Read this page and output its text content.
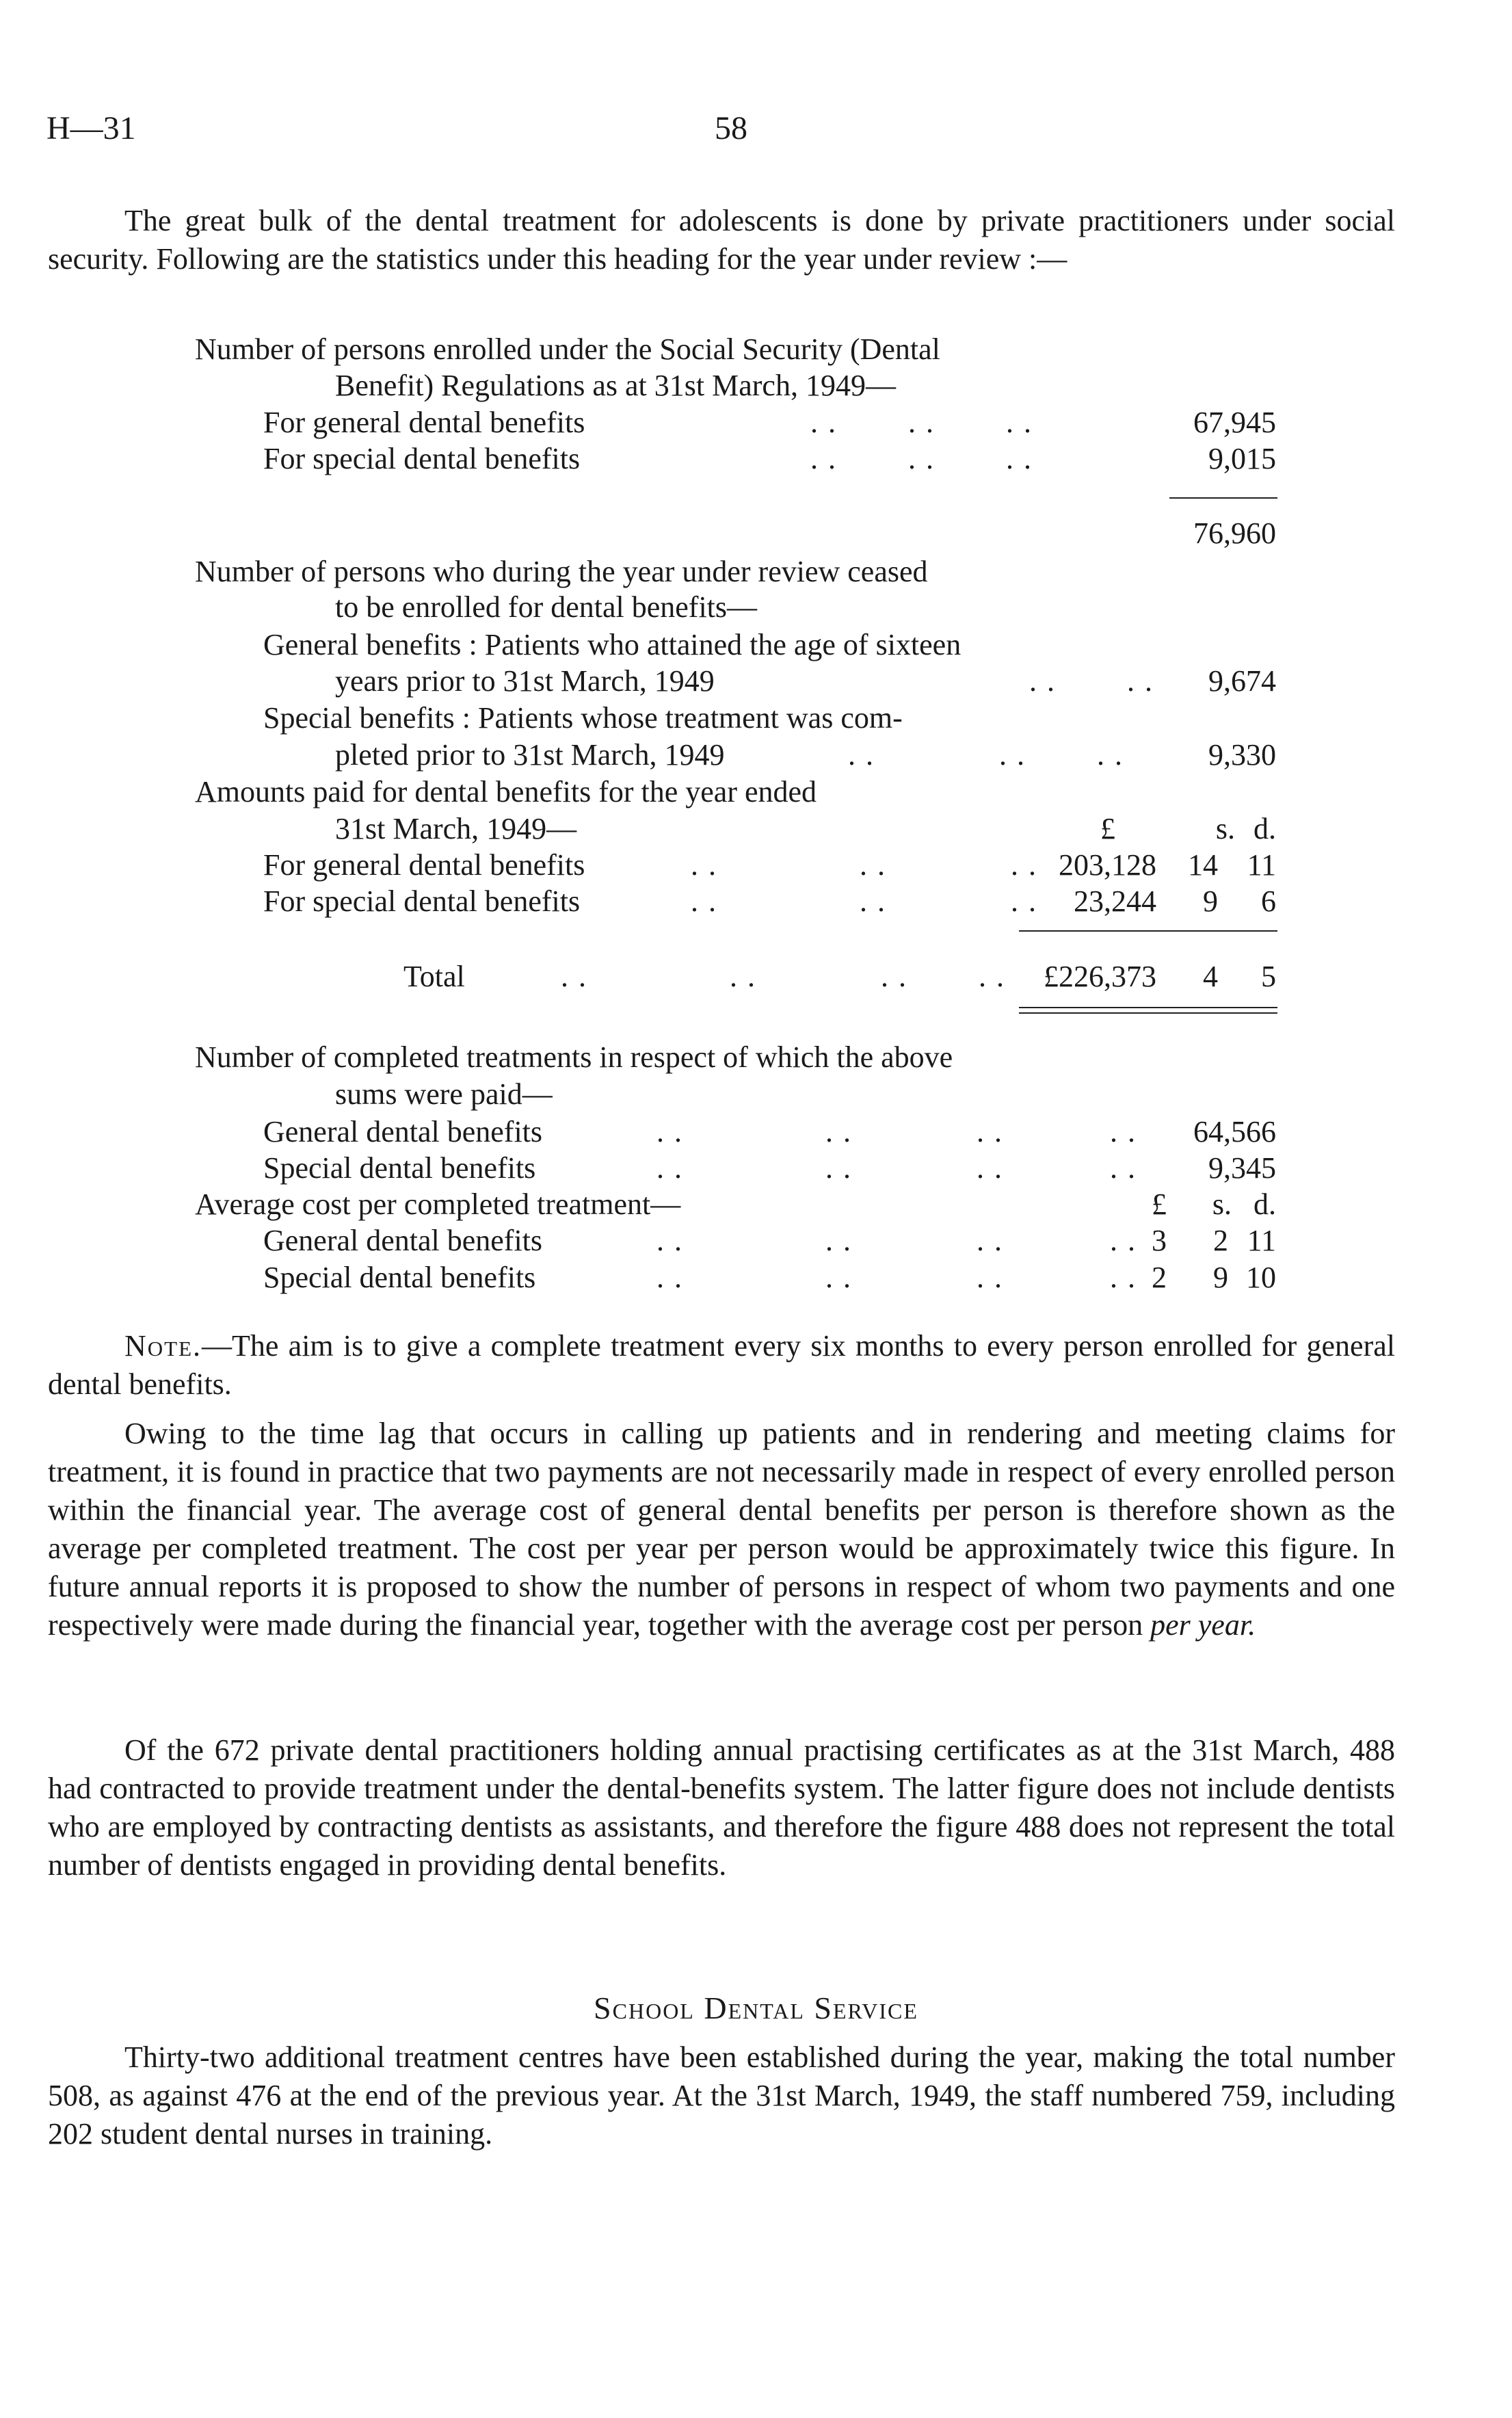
H—31	58

The great bulk of the dental treatment for adolescents is done by private practitioners under social security. Following are the statistics under this heading for the year under review :—

Number of persons enrolled under the Social Security (Dental
Benefit) Regulations as at 31st March, 1949—
For general dental benefits	. .        . .        . .	67,945
For special dental benefits	. .        . .        . .	9,015
76,960
Number of persons who during the year under review ceased
to be enrolled for dental benefits—
General benefits : Patients who attained the age of sixteen
years prior to 31st March, 1949	. .        . . 9,674
Special benefits : Patients whose treatment was com-
pleted prior to 31st March, 1949	. .              . .        . .	9,330
Amounts paid for dental benefits for the year ended
31st March, 1949—	£	s. d.
For general dental benefits	. .                . .              . . 203,128 14 11
For special dental benefits	. .                . .              . . 23,244 9 6
Total	. .                . .              . .        . . £226,373 4 5
Number of completed treatments in respect of which the above
sums were paid—
General dental benefits	. .                . .              . .            . . 64,566
Special dental benefits	. .                . .              . .            . . 9,345
Average cost per completed treatment—	£ s. d.
General dental benefits	. .                . .              . .            . . 3 2 11
Special dental benefits	. .                . .              . .            . . 2 9 10

Note.—The aim is to give a complete treatment every six months to every person enrolled for general dental benefits.

Owing to the time lag that occurs in calling up patients and in rendering and meeting claims for treatment, it is found in practice that two payments are not necessarily made in respect of every enrolled person within the financial year. The average cost of general dental benefits per person is therefore shown as the average per completed treatment. The cost per year per person would be approximately twice this figure. In future annual reports it is proposed to show the number of persons in respect of whom two payments and one respectively were made during the financial year, together with the average cost per person per year.

Of the 672 private dental practitioners holding annual practising certificates as at the 31st March, 488 had contracted to provide treatment under the dental-benefits system. The latter figure does not include dentists who are employed by contracting dentists as assistants, and therefore the figure 488 does not represent the total number of dentists engaged in providing dental benefits.

School Dental Service

Thirty-two additional treatment centres have been established during the year, making the total number 508, as against 476 at the end of the previous year. At the 31st March, 1949, the staff numbered 759, including 202 student dental nurses in training.
